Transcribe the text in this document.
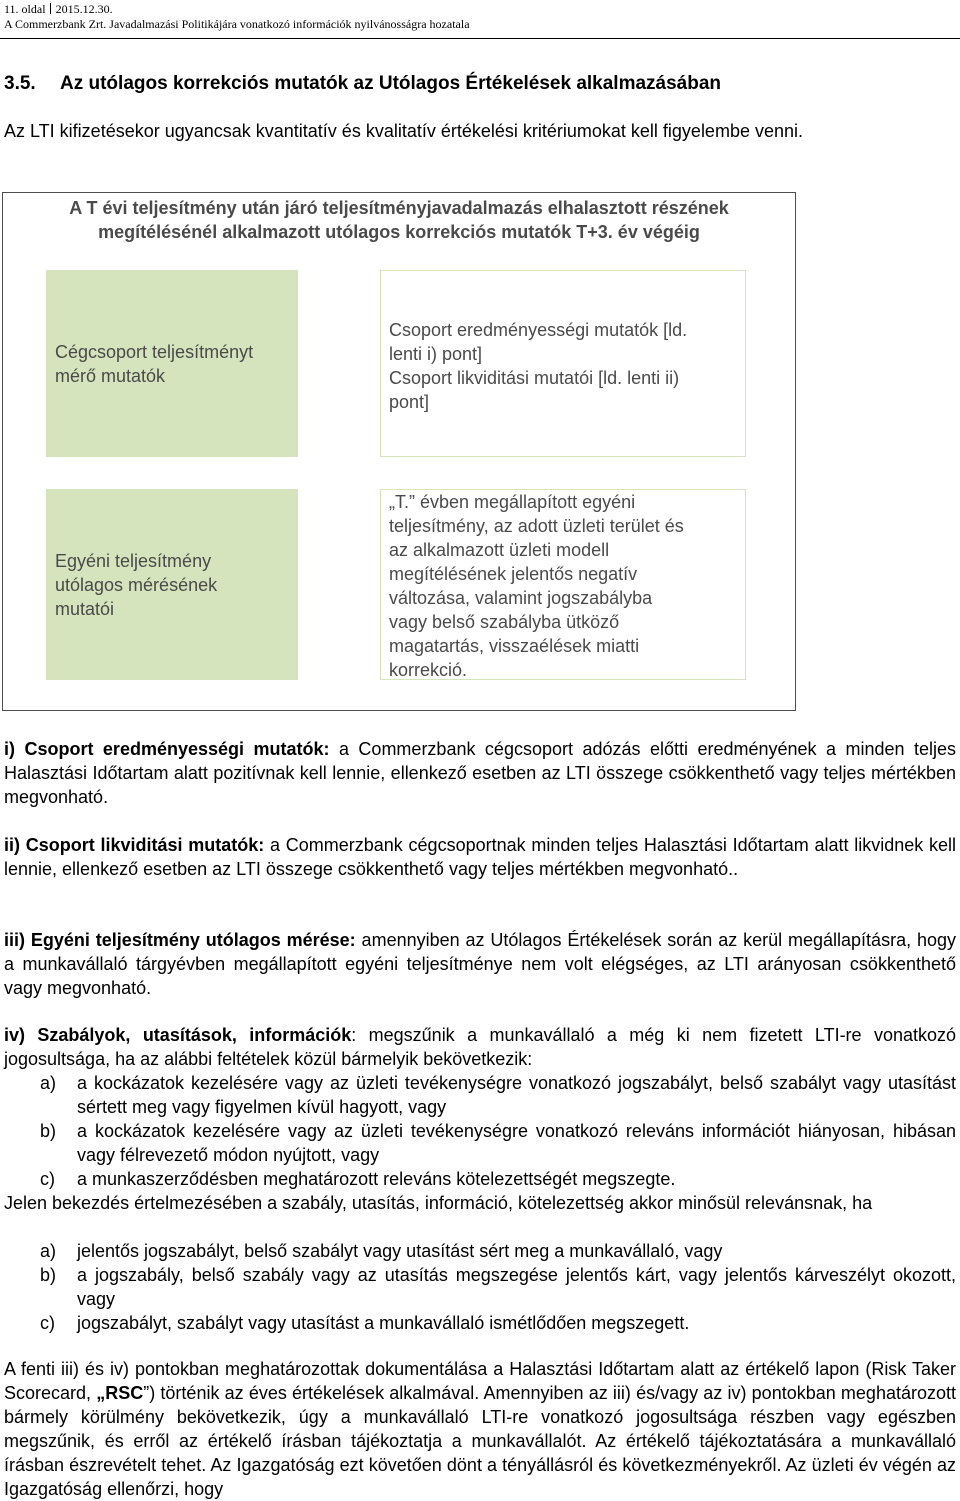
11. oldal 2015.12.30.
A Commerzbank Zrt. Javadalmazási Politikájára vonatkozó információk nyilvánosságra hozatala
3.5. Az utólagos korrekciós mutatók az Utólagos Értékelések alkalmazásában
Az LTI kifizetésekor ugyancsak kvantitatív és kvalitatív értékelési kritériumokat kell figyelembe venni.
A T évi teljesítmény után járó teljesítményjavadalmazás elhalasztott részének
megítélésénél alkalmazott utólagos korrekciós mutatók T+3. év végéig
Cégcsoport teljesítményt
mérő mutatók
Csoport eredményességi mutatók [ld.
lenti i) pont]
Csoport likviditási mutatói [ld. lenti ii)
pont]
Egyéni teljesítmény
utólagos mérésének
mutatói
„T.” évben megállapított egyéni
teljesítmény, az adott üzleti terület és
az alkalmazott üzleti modell
megítélésének jelentős negatív
változása, valamint jogszabályba
vagy belső szabályba ütköző
magatartás, visszaélések miatti
korrekció.
i) Csoport eredményességi mutatók: a Commerzbank cégcsoport adózás előtti eredményének a minden teljes Halasztási Időtartam alatt pozitívnak kell lennie, ellenkező esetben az LTI összege csökkenthető vagy teljes mértékben megvonható.
ii) Csoport likviditási mutatók: a Commerzbank cégcsoportnak minden teljes Halasztási Időtartam alatt likvidnek kell lennie, ellenkező esetben az LTI összege csökkenthető vagy teljes mértékben megvonható..
iii) Egyéni teljesítmény utólagos mérése: amennyiben az Utólagos Értékelések során az kerül megállapításra, hogy a munkavállaló tárgyévben megállapított egyéni teljesítménye nem volt elégséges, az LTI arányosan csökkenthető vagy megvonható.
iv) Szabályok, utasítások, információk: megszűnik a munkavállaló a még ki nem fizetett LTI-re vonatkozó jogosultsága, ha az alábbi feltételek közül bármelyik bekövetkezik:
a) a kockázatok kezelésére vagy az üzleti tevékenységre vonatkozó jogszabályt, belső szabályt vagy utasítást sértett meg vagy figyelmen kívül hagyott, vagy
b) a kockázatok kezelésére vagy az üzleti tevékenységre vonatkozó releváns információt hiányosan, hibásan vagy félrevezető módon nyújtott, vagy
c) a munkaszerződésben meghatározott releváns kötelezettségét megszegte.
Jelen bekezdés értelmezésében a szabály, utasítás, információ, kötelezettség akkor minősül relevánsnak, ha
a) jelentős jogszabályt, belső szabályt vagy utasítást sért meg a munkavállaló, vagy
b) a jogszabály, belső szabály vagy az utasítás megszegése jelentős kárt, vagy jelentős kárveszélyt okozott, vagy
c) jogszabályt, szabályt vagy utasítást a munkavállaló ismétlődően megszegett.
A fenti iii) és iv) pontokban meghatározottak dokumentálása a Halasztási Időtartam alatt az értékelő lapon (Risk Taker Scorecard, „RSC”) történik az éves értékelések alkalmával. Amennyiben az iii) és/vagy az iv) pontokban meghatározott bármely körülmény bekövetkezik, úgy a munkavállaló LTI-re vonatkozó jogosultsága részben vagy egészben megszűnik, és erről az értékelő írásban tájékoztatja a munkavállalót. Az értékelő tájékoztatására a munkavállaló írásban észrevételt tehet. Az Igazgatóság ezt követően dönt a tényállásról és következményekről. Az üzleti év végén az Igazgatóság ellenőrzi, hogy
